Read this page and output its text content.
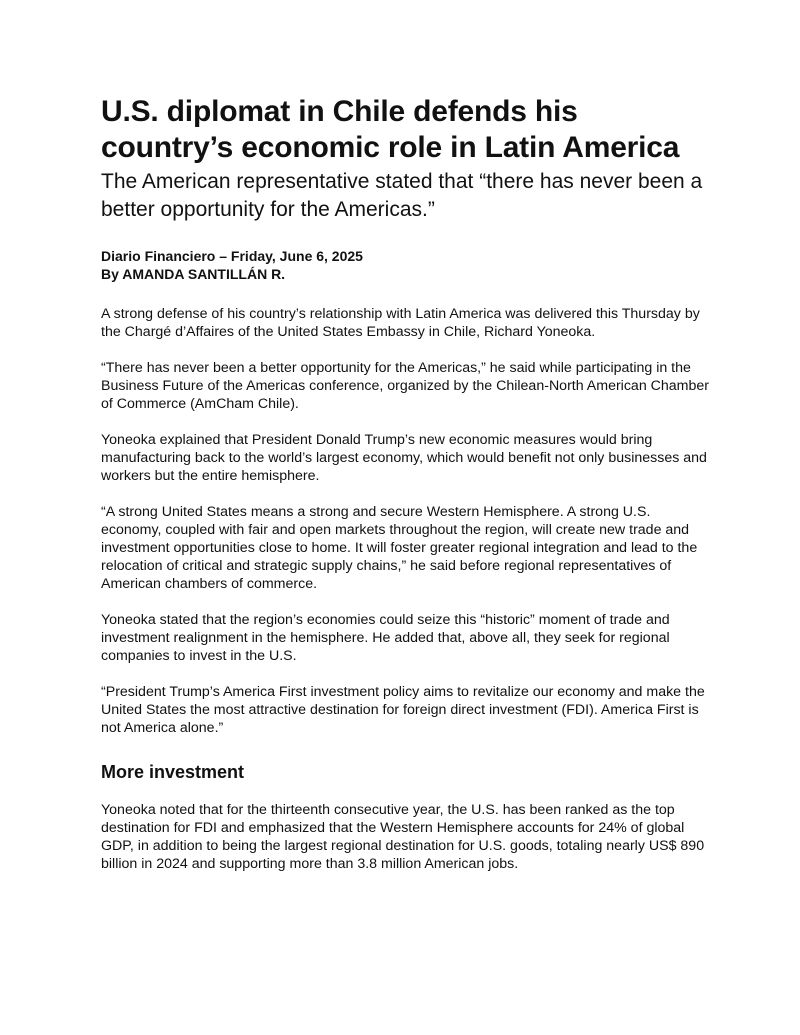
U.S. diplomat in Chile defends his country’s economic role in Latin America
The American representative stated that “there has never been a better opportunity for the Americas.”
Diario Financiero – Friday, June 6, 2025
By AMANDA SANTILLÁN R.

A strong defense of his country’s relationship with Latin America was delivered this Thursday by the Chargé d’Affaires of the United States Embassy in Chile, Richard Yoneoka.

“There has never been a better opportunity for the Americas,” he said while participating in the Business Future of the Americas conference, organized by the Chilean-North American Chamber of Commerce (AmCham Chile).

Yoneoka explained that President Donald Trump’s new economic measures would bring manufacturing back to the world’s largest economy, which would benefit not only businesses and workers but the entire hemisphere.

“A strong United States means a strong and secure Western Hemisphere. A strong U.S. economy, coupled with fair and open markets throughout the region, will create new trade and investment opportunities close to home. It will foster greater regional integration and lead to the relocation of critical and strategic supply chains,” he said before regional representatives of American chambers of commerce.

Yoneoka stated that the region’s economies could seize this “historic” moment of trade and investment realignment in the hemisphere. He added that, above all, they seek for regional companies to invest in the U.S.

“President Trump’s America First investment policy aims to revitalize our economy and make the United States the most attractive destination for foreign direct investment (FDI). America First is not America alone.”

More investment

Yoneoka noted that for the thirteenth consecutive year, the U.S. has been ranked as the top destination for FDI and emphasized that the Western Hemisphere accounts for 24% of global GDP, in addition to being the largest regional destination for U.S. goods, totaling nearly US$ 890 billion in 2024 and supporting more than 3.8 million American jobs.
